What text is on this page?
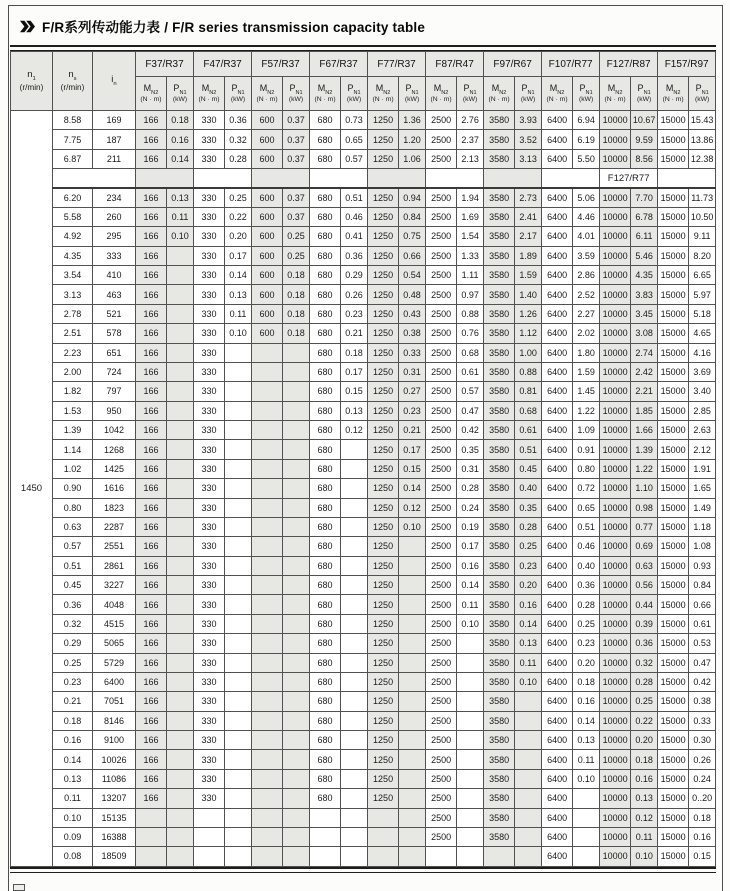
F/R系列传动能力表 / F/R series transmission capacity table
$n_1$
(r/min)	$n_s$
(r/min)	$i_n$	F37/R37		F47/R37		F57/R37		F67/R37		F77/R37		F87/R47		F97/R67		F107/R77		F127/R87		F157/R97	
			$M_{N2}$
(N · m)	$P_{N1}$
(kW)	$M_{N2}$
(N · m)	$P_{N1}$
(kW)	$M_{N2}$
(N · m)	$P_{N1}$
(kW)	$M_{N2}$
(N · m)	$P_{N1}$
(kW)	$M_{N2}$
(N · m)	$P_{N1}$
(kW)	$M_{N2}$
(N · m)	$P_{N1}$
(kW)	$M_{N2}$
(N · m)	$P_{N1}$
(kW)	$M_{N2}$
(N · m)	$P_{N1}$
(kW)	$M_{N2}$
(N · m)	$P_{N1}$
(kW)	$M_{N2}$
(N · m)	$P_{N1}$
(kW)

1450	8.58	169	166	0.18	330	0.36	600	0.37	680	0.73	1250	1.36	2500	2.76	3580	3.93	6400	6.94	10000	10.67	15000	15.43
	7.75	187	166	0.16	330	0.32	600	0.37	680	0.65	1250	1.20	2500	2.37	3580	3.52	6400	6.19	10000	9.59	15000	13.86
	6.87	211	166	0.14	330	0.28	600	0.37	680	0.57	1250	1.06	2500	2.13	3580	3.13	6400	5.50	10000	8.56	15000	12.38
																			F127/R77			
	6.20	234	166	0.13	330	0.25	600	0.37	680	0.51	1250	0.94	2500	1.94	3580	2.73	6400	5.06	10000	7.70	15000	11.73
	5.58	260	166	0.11	330	0.22	600	0.37	680	0.46	1250	0.84	2500	1.69	3580	2.41	6400	4.46	10000	6.78	15000	10.50
	4.92	295	166	0.10	330	0.20	600	0.25	680	0.41	1250	0.75	2500	1.54	3580	2.17	6400	4.01	10000	6.11	15000	9.11
	4.35	333	166		330	0.17	600	0.25	680	0.36	1250	0.66	2500	1.33	3580	1.89	6400	3.59	10000	5.46	15000	8.20
	3.54	410	166		330	0.14	600	0.18	680	0.29	1250	0.54	2500	1.11	3580	1.59	6400	2.86	10000	4.35	15000	6.65
	3.13	463	166		330	0.13	600	0.18	680	0.26	1250	0.48	2500	0.97	3580	1.40	6400	2.52	10000	3.83	15000	5.97
	2.78	521	166		330	0.11	600	0.18	680	0.23	1250	0.43	2500	0.88	3580	1.26	6400	2.27	10000	3.45	15000	5.18
	2.51	578	166		330	0.10	600	0.18	680	0.21	1250	0.38	2500	0.76	3580	1.12	6400	2.02	10000	3.08	15000	4.65
	2.23	651	166		330				680	0.18	1250	0.33	2500	0.68	3580	1.00	6400	1.80	10000	2.74	15000	4.16
	2.00	724	166		330				680	0.17	1250	0.31	2500	0.61	3580	0.88	6400	1.59	10000	2.42	15000	3.69
	1.82	797	166		330				680	0.15	1250	0.27	2500	0.57	3580	0.81	6400	1.45	10000	2.21	15000	3.40
	1.53	950	166		330				680	0.13	1250	0.23	2500	0.47	3580	0.68	6400	1.22	10000	1.85	15000	2.85
	1.39	1042	166		330				680	0.12	1250	0.21	2500	0.42	3580	0.61	6400	1.09	10000	1.66	15000	2.63
	1.14	1268	166		330				680		1250	0.17	2500	0.35	3580	0.51	6400	0.91	10000	1.39	15000	2.12
	1.02	1425	166		330				680		1250	0.15	2500	0.31	3580	0.45	6400	0.80	10000	1.22	15000	1.91
	0.90	1616	166		330				680		1250	0.14	2500	0.28	3580	0.40	6400	0.72	10000	1.10	15000	1.65
	0.80	1823	166		330				680		1250	0.12	2500	0.24	3580	0.35	6400	0.65	10000	0.98	15000	1.49
	0.63	2287	166		330				680		1250	0.10	2500	0.19	3580	0.28	6400	0.51	10000	0.77	15000	1.18
	0.57	2551	166		330				680		1250		2500	0.17	3580	0.25	6400	0.46	10000	0.69	15000	1.08
	0.51	2861	166		330				680		1250		2500	0.16	3580	0.23	6400	0.40	10000	0.63	15000	0.93
	0.45	3227	166		330				680		1250		2500	0.14	3580	0.20	6400	0.36	10000	0.56	15000	0.84
	0.36	4048	166		330				680		1250		2500	0.11	3580	0.16	6400	0.28	10000	0.44	15000	0.66
	0.32	4515	166		330				680		1250		2500	0.10	3580	0.14	6400	0.25	10000	0.39	15000	0.61
	0.29	5065	166		330				680		1250		2500		3580	0.13	6400	0.23	10000	0.36	15000	0.53
	0.25	5729	166		330				680		1250		2500		3580	0.11	6400	0.20	10000	0.32	15000	0.47
	0.23	6400	166		330				680		1250		2500		3580	0.10	6400	0.18	10000	0.28	15000	0.42
	0.21	7051	166		330				680		1250		2500		3580		6400	0.16	10000	0.25	15000	0.38
	0.18	8146	166		330				680		1250		2500		3580		6400	0.14	10000	0.22	15000	0.33
	0.16	9100	166		330				680		1250		2500		3580		6400	0.13	10000	0.20	15000	0.30
	0.14	10026	166		330				680		1250		2500		3580		6400	0.11	10000	0.18	15000	0.26
	0.13	11086	166		330				680		1250		2500		3580		6400	0.10	10000	0.16	15000	0.24
	0.11	13207	166		330				680		1250		2500		3580		6400		10000	0.13	15000	0..20
	0.10	15135											2500		3580		6400		10000	0.12	15000	0.18
	0.09	16388											2500		3580		6400		10000	0.11	15000	0.16
	0.08	18509															6400		10000	0.10	15000	0.15
